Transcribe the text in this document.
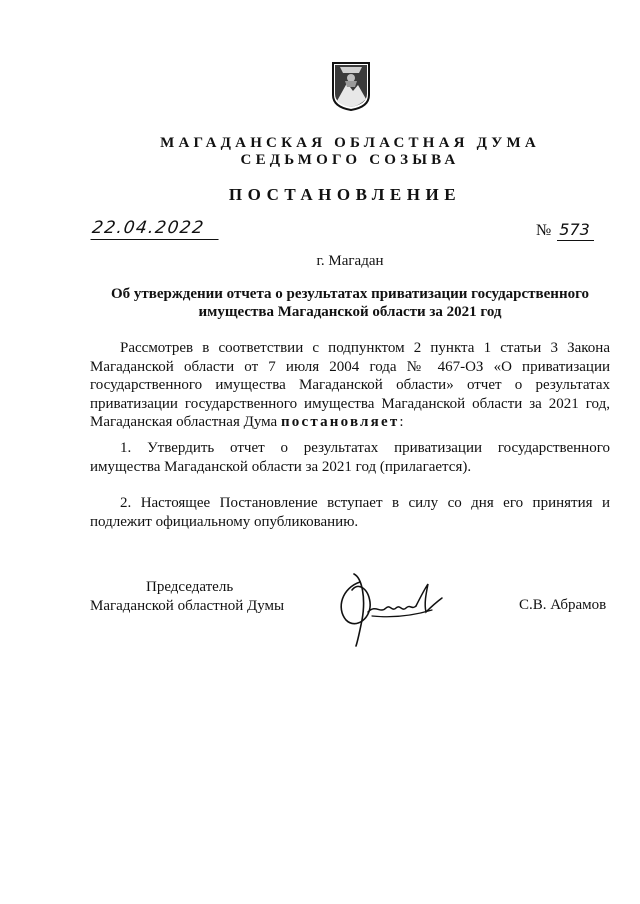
МАГАДАНСКАЯ ОБЛАСТНАЯ ДУМА
СЕДЬМОГО СОЗЫВА
ПОСТАНОВЛЕНИЕ
22.04.2022	№ 573
г. Магадан
Об утверждении отчета о результатах приватизации государственного имущества Магаданской области за 2021 год

Рассмотрев в соответствии с подпунктом 2 пункта 1 статьи 3 Закона Магаданской области от 7 июля 2004 года № 467-ОЗ «О приватизации государственного имущества Магаданской области» отчет о результатах приватизации государственного имущества Магаданской области за 2021 год, Магаданская областная Дума постановляет:

1. Утвердить отчет о результатах приватизации государственного имущества Магаданской области за 2021 год (прилагается).

2. Настоящее Постановление вступает в силу со дня его принятия и подлежит официальному опубликованию.

Председатель
Магаданской областной Думы	С.В. Абрамов
